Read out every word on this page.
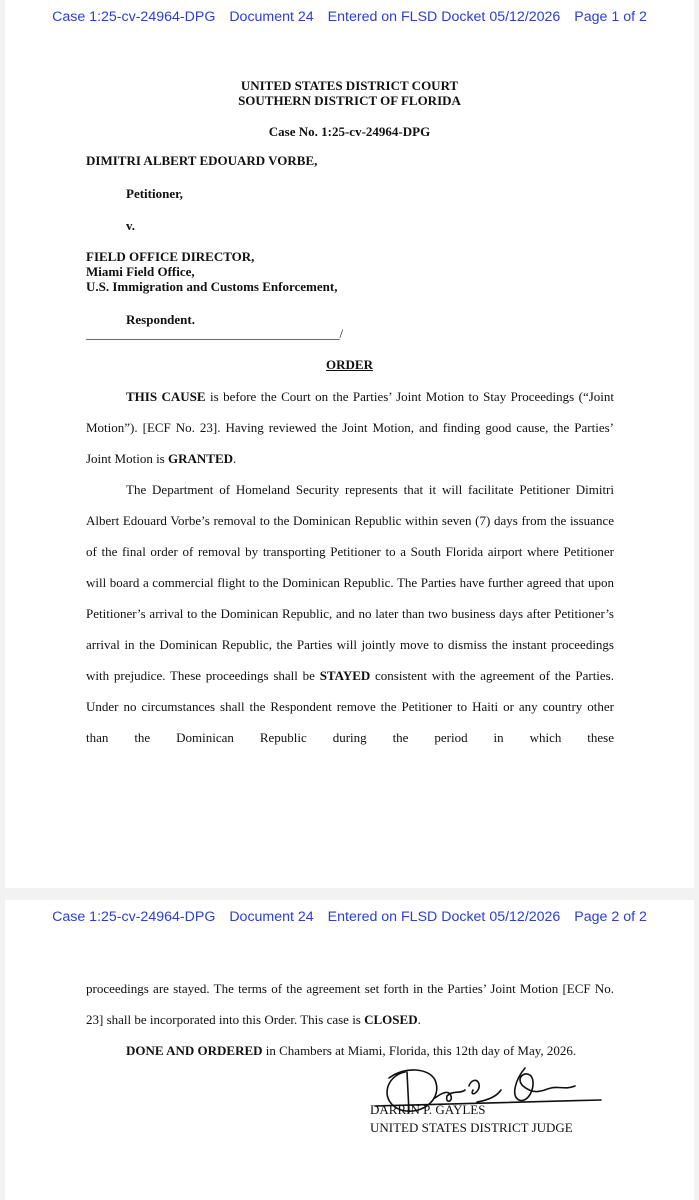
Case 1:25-cv-24964-DPG Document 24 Entered on FLSD Docket 05/12/2026 Page 1 of 2
UNITED STATES DISTRICT COURT
SOUTHERN DISTRICT OF FLORIDA
Case No. 1:25-cv-24964-DPG
DIMITRI ALBERT EDOUARD VORBE,
Petitioner,
v.
FIELD OFFICE DIRECTOR,
Miami Field Office,
U.S. Immigration and Customs Enforcement,
Respondent.
_______________________________________/
ORDER

THIS CAUSE is before the Court on the Parties’ Joint Motion to Stay Proceedings (“Joint Motion”). [ECF No. 23]. Having reviewed the Joint Motion, and finding good cause, the Parties’ Joint Motion is GRANTED.

The Department of Homeland Security represents that it will facilitate Petitioner Dimitri Albert Edouard Vorbe’s removal to the Dominican Republic within seven (7) days from the issuance of the final order of removal by transporting Petitioner to a South Florida airport where Petitioner will board a commercial flight to the Dominican Republic. The Parties have further agreed that upon Petitioner’s arrival to the Dominican Republic, and no later than two business days after Petitioner’s arrival in the Dominican Republic, the Parties will jointly move to dismiss the instant proceedings with prejudice. These proceedings shall be STAYED consistent with the agreement of the Parties. Under no circumstances shall the Respondent remove the Petitioner to Haiti or any country other than the Dominican Republic during the period in which these

Case 1:25-cv-24964-DPG Document 24 Entered on FLSD Docket 05/12/2026 Page 2 of 2

proceedings are stayed. The terms of the agreement set forth in the Parties’ Joint Motion [ECF No. 23] shall be incorporated into this Order. This case is CLOSED.

DONE AND ORDERED in Chambers at Miami, Florida, this 12th day of May, 2026.

DARRIN P. GAYLES
UNITED STATES DISTRICT JUDGE
